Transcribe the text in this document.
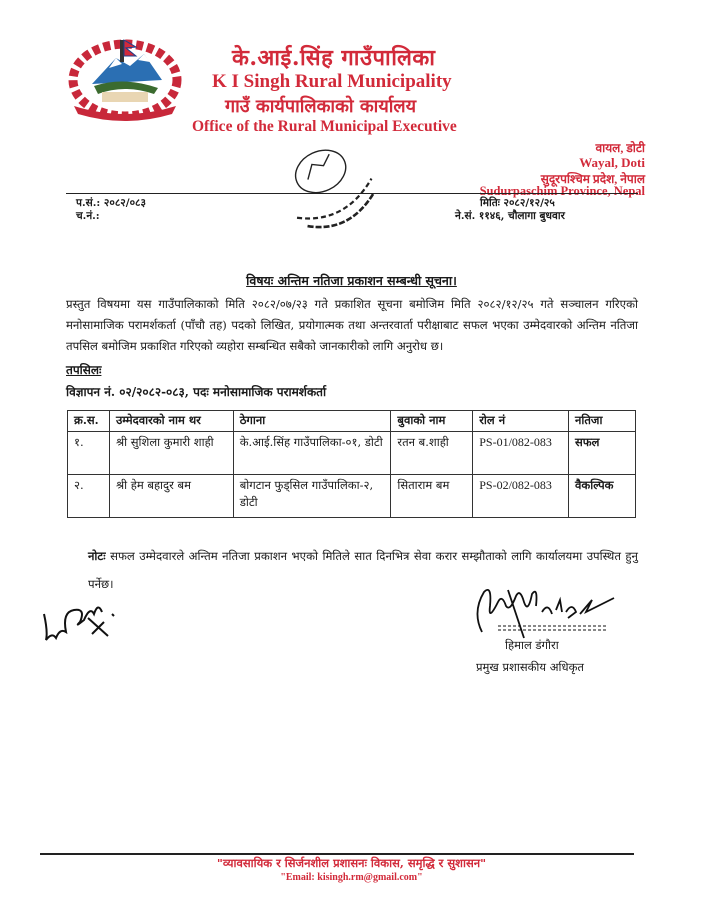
के.आई.सिंह गाउँपालिका
K I Singh Rural Municipality
गाउँ कार्यपालिकाको कार्यालय
Office of the Rural Municipal Executive
वायल, डोटी
Wayal, Doti
सुदूरपश्चिम प्रदेश, नेपाल
Sudurpaschim Province, Nepal
प.सं.: २०८२/०८३
च.नं.:
मितिः २०८२/१२/२५
ने.सं. ११४६, चौलागा बुधवार
विषयः अन्तिम नतिजा प्रकाशन सम्बन्धी सूचना।
प्रस्तुत विषयमा यस गाउँपालिकाको मिति २०८२/०७/२३ गते प्रकाशित सूचना बमोजिम मिति २०८२/१२/२५ गते सञ्चालन गरिएको मनोसामाजिक परामर्शकर्ता (पाँचौ तह) पदको लिखित, प्रयोगात्मक तथा अन्तरवार्ता परीक्षाबाट सफल भएका उम्मेदवारको अन्तिम नतिजा तपसिल बमोजिम प्रकाशित गरिएको व्यहोरा सम्बन्धित सबैको जानकारीको लागि अनुरोध छ।
तपसिलः
विज्ञापन नं. ०२/२०८२-०८३, पदः मनोसामाजिक परामर्शकर्ता
क्र.स.	उम्मेदवारको नाम थर	ठेगाना	बुवाको नाम	रोल नं	नतिजा
१.	श्री सुशिला कुमारी शाही	के.आई.सिंह गाउँपालिका-०१, डोटी	रतन ब.शाही	PS-01/082-083	सफल
२.	श्री हेम बहादुर बम	बोगटान फुड्सिल गाउँपालिका-२, डोटी	सिताराम बम	PS-02/082-083	वैकल्पिक
नोटः सफल उम्मेदवारले अन्तिम नतिजा प्रकाशन भएको मितिले सात दिनभित्र सेवा करार सम्झौताको लागि कार्यालयमा उपस्थित हुनु पर्नेछ।
हिमाल डंगौरा
प्रमुख प्रशासकीय अधिकृत
"व्यावसायिक र सिर्जनशील प्रशासनः विकास, समृद्धि र सुशासन"
"Email: kisingh.rm@gmail.com"
